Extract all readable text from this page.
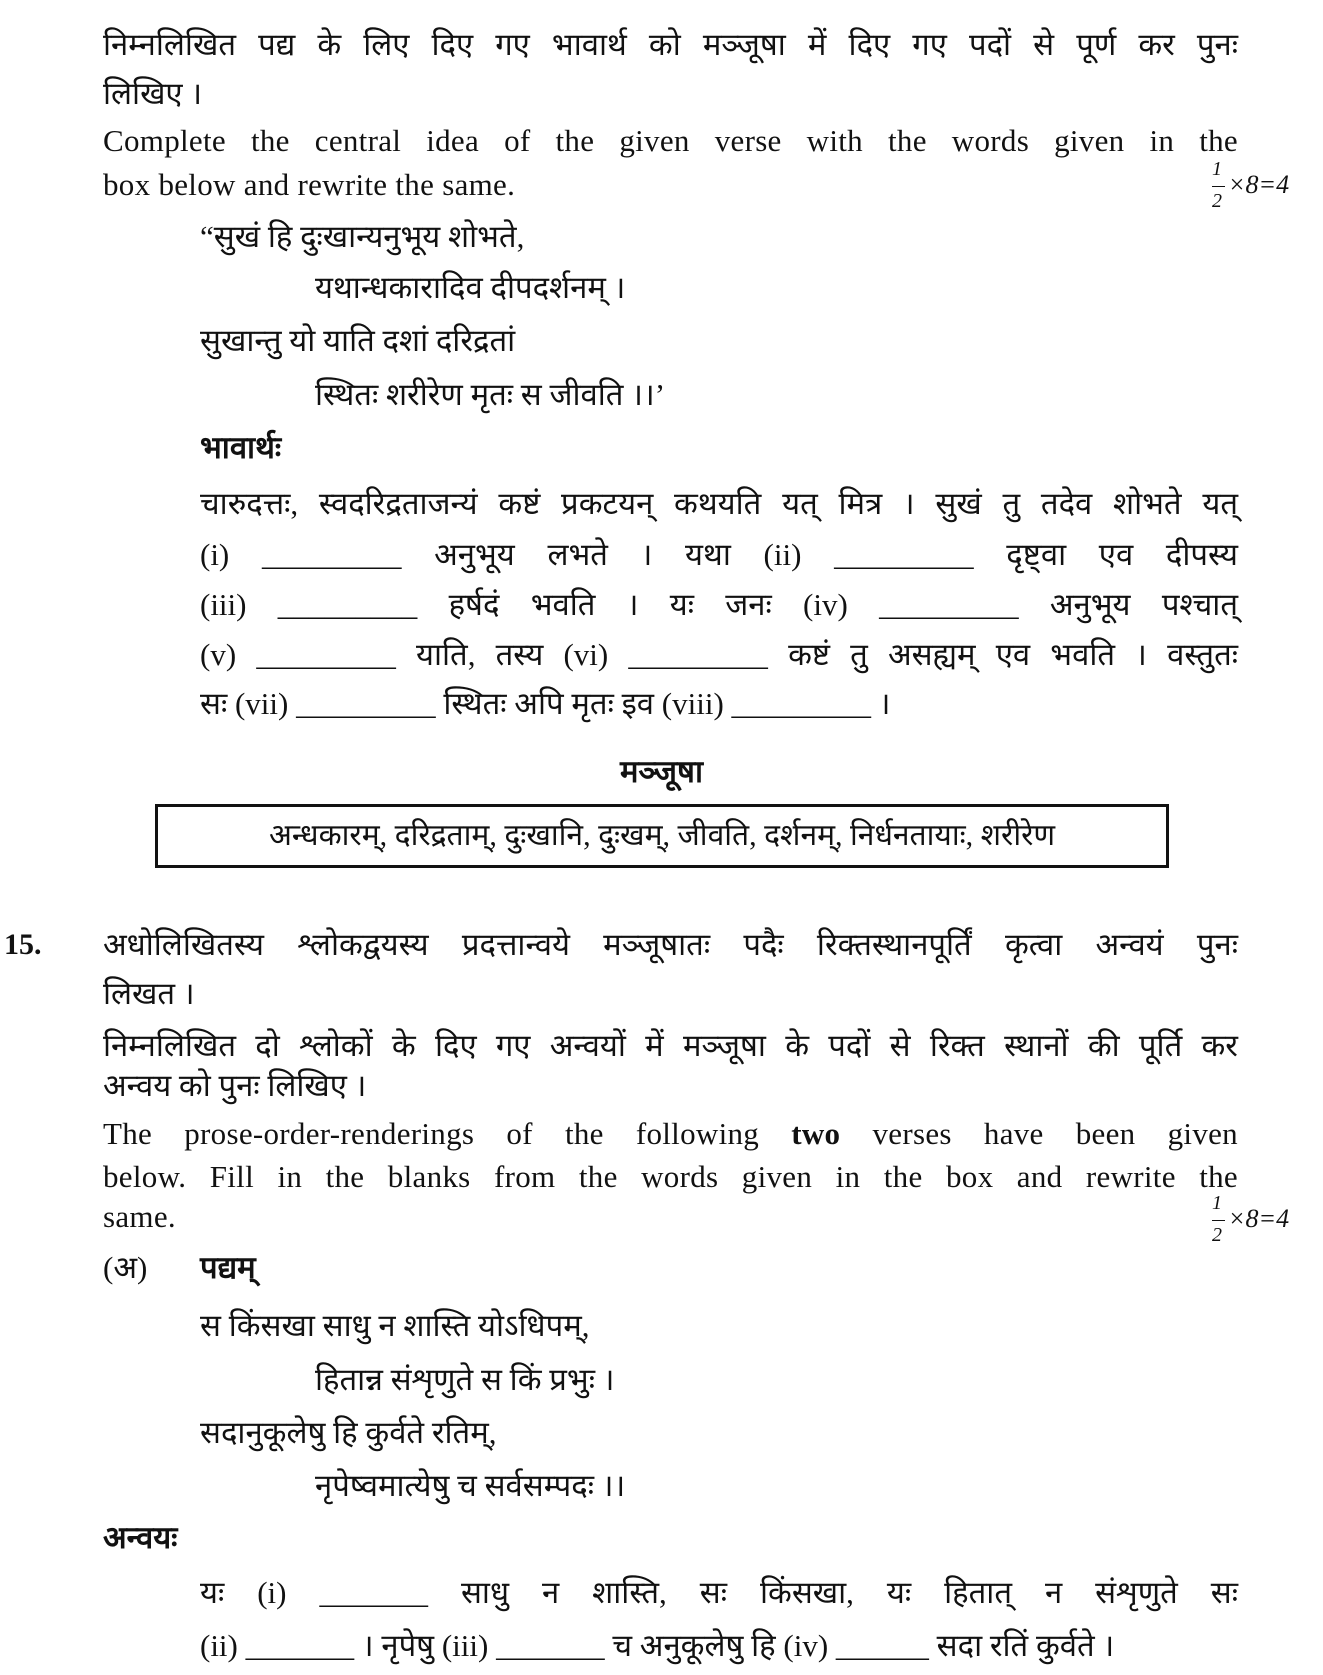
निम्नलिखित पद्य के लिए दिए गए भावार्थ को मञ्जूषा में दिए गए पदों से पूर्ण कर पुनः
लिखिए ।
Complete the central idea of the given verse with the words given in the
box below and rewrite the same.	1
2
×8=4
“सुखं हि दुःखान्यनुभूय शोभते,
यथान्धकारादिव दीपदर्शनम् ।
सुखान्तु यो याति दशां दरिद्रतां
स्थितः शरीरेण मृतः स जीवति ।।’
भावार्थः
चारुदत्तः, स्वदरिद्रताजन्यं कष्टं प्रकटयन् कथयति यत् मित्र । सुखं तु तदेव शोभते यत्
(i) _________ अनुभूय लभते । यथा (ii) _________ दृष्ट्वा एव दीपस्य
(iii) _________ हर्षदं भवति । यः जनः (iv) _________ अनुभूय पश्चात्
(v) _________ याति, तस्य (vi) _________ कष्टं तु असह्यम् एव भवति । वस्तुतः
सः (vii) _________ स्थितः अपि मृतः इव (viii) _________ ।
मञ्जूषा
अन्धकारम्, दरिद्रताम्, दुःखानि, दुःखम्, जीवति, दर्शनम्, निर्धनतायाः, शरीरेण
15. अधोलिखितस्य श्लोकद्वयस्य प्रदत्तान्वये मञ्जूषातः पदैः रिक्तस्थानपूर्तिं कृत्वा अन्वयं पुनः
लिखत ।
निम्नलिखित दो श्लोकों के दिए गए अन्वयों में मञ्जूषा के पदों से रिक्त स्थानों की पूर्ति कर
अन्वय को पुनः लिखिए ।
The prose-order-renderings of the following two verses have been given
below. Fill in the blanks from the words given in the box and rewrite the
same.	1
2
×8=4
(अ) पद्यम्
स किंसखा साधु न शास्ति योऽधिपम्,
हितान्न संशृणुते स किं प्रभुः ।
सदानुकूलेषु हि कुर्वते रतिम्,
नृपेष्वमात्येषु च सर्वसम्पदः ।।
अन्वयः
यः (i) _______ साधु न शास्ति, सः किंसखा, यः हितात् न संशृणुते सः
(ii) _______ । नृपेषु (iii) _______ च अनुकूलेषु हि (iv) ______ सदा रतिं कुर्वते ।
